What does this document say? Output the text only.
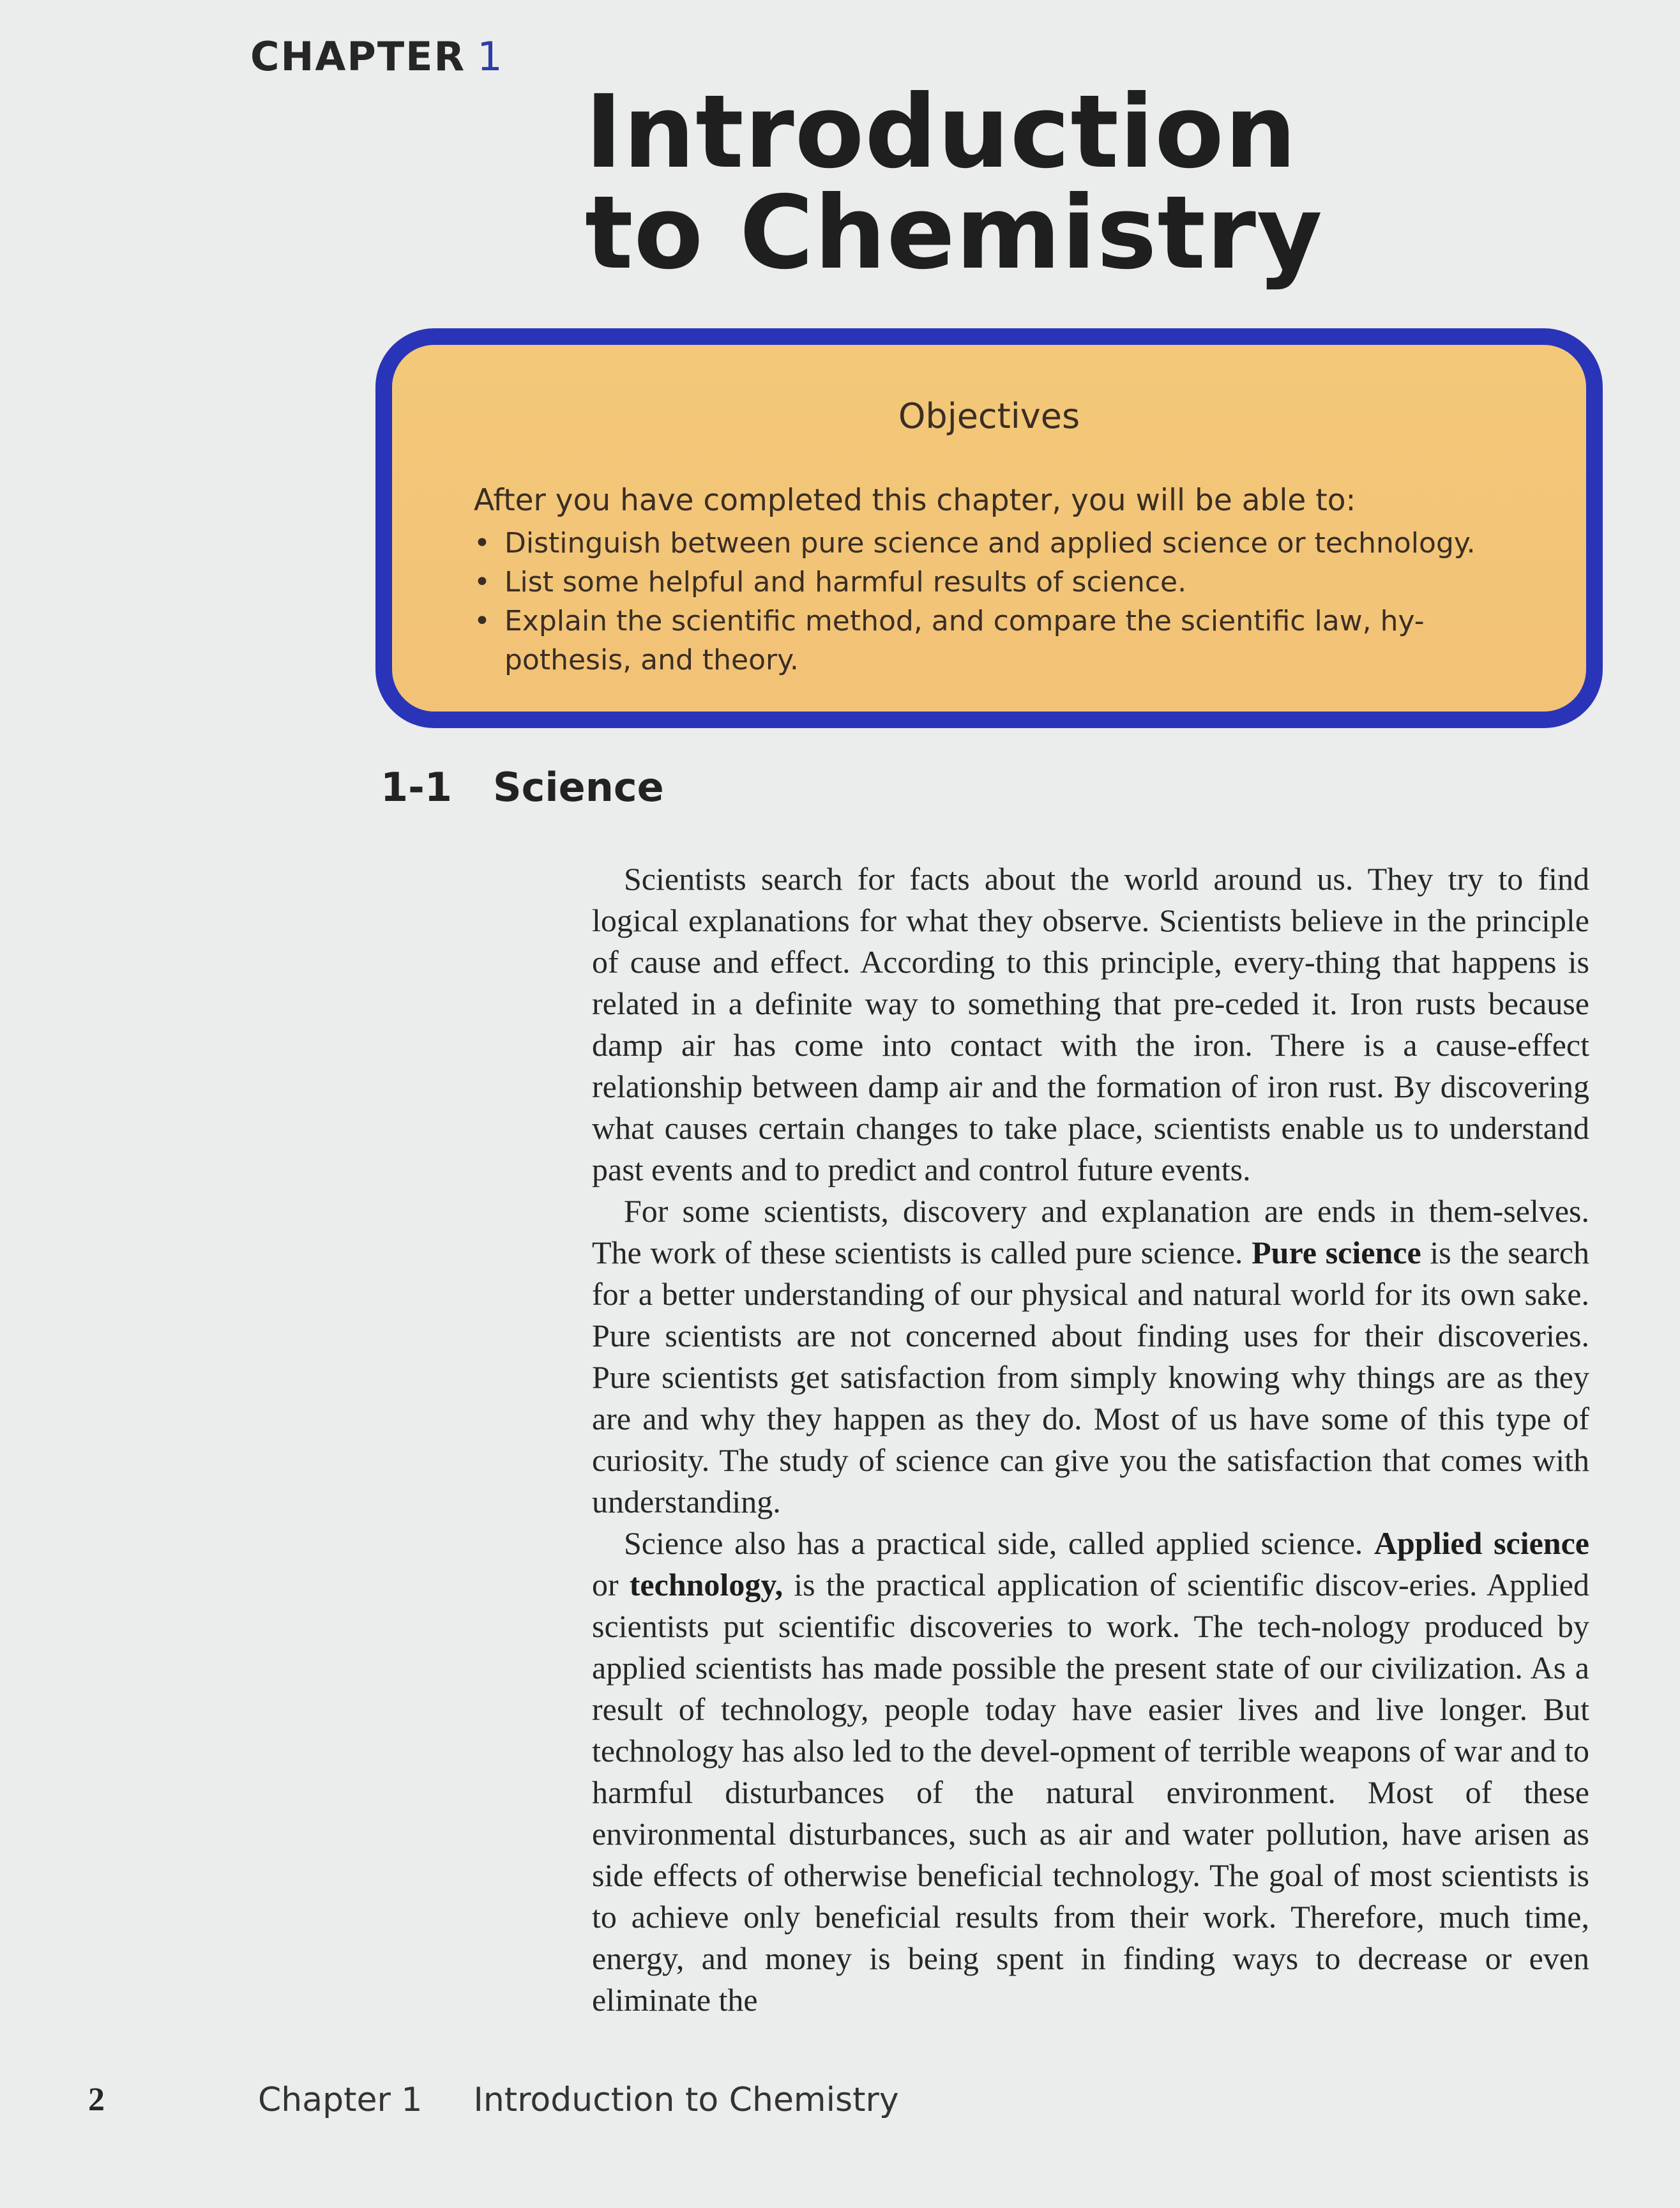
CHAPTER 1
Introduction
to Chemistry
Objectives
After you have completed this chapter, you will be able to:
• Distinguish between pure science and applied science or technology.
• List some helpful and harmful results of science.
• Explain the scientific method, and compare the scientific law, hy- pothesis, and theory.
1-1 Science

Scientists search for facts about the world around us. They try to find logical explanations for what they observe. Scientists believe in the principle of cause and effect. According to this principle, every-thing that happens is related in a definite way to something that pre-ceded it. Iron rusts because damp air has come into contact with the iron. There is a cause-effect relationship between damp air and the formation of iron rust. By discovering what causes certain changes to take place, scientists enable us to understand past events and to predict and control future events.

For some scientists, discovery and explanation are ends in them-selves. The work of these scientists is called pure science. Pure science is the search for a better understanding of our physical and natural world for its own sake. Pure scientists are not concerned about finding uses for their discoveries. Pure scientists get satisfaction from simply knowing why things are as they are and why they happen as they do. Most of us have some of this type of curiosity. The study of science can give you the satisfaction that comes with understanding.

Science also has a practical side, called applied science. Applied science or technology, is the practical application of scientific discov-eries. Applied scientists put scientific discoveries to work. The tech-nology produced by applied scientists has made possible the present state of our civilization. As a result of technology, people today have easier lives and live longer. But technology has also led to the devel-opment of terrible weapons of war and to harmful disturbances of the natural environment. Most of these environmental disturbances, such as air and water pollution, have arisen as side effects of otherwise beneficial technology. The goal of most scientists is to achieve only beneficial results from their work. Therefore, much time, energy, and money is being spent in finding ways to decrease or even eliminate the

2	Chapter 1 Introduction to Chemistry
